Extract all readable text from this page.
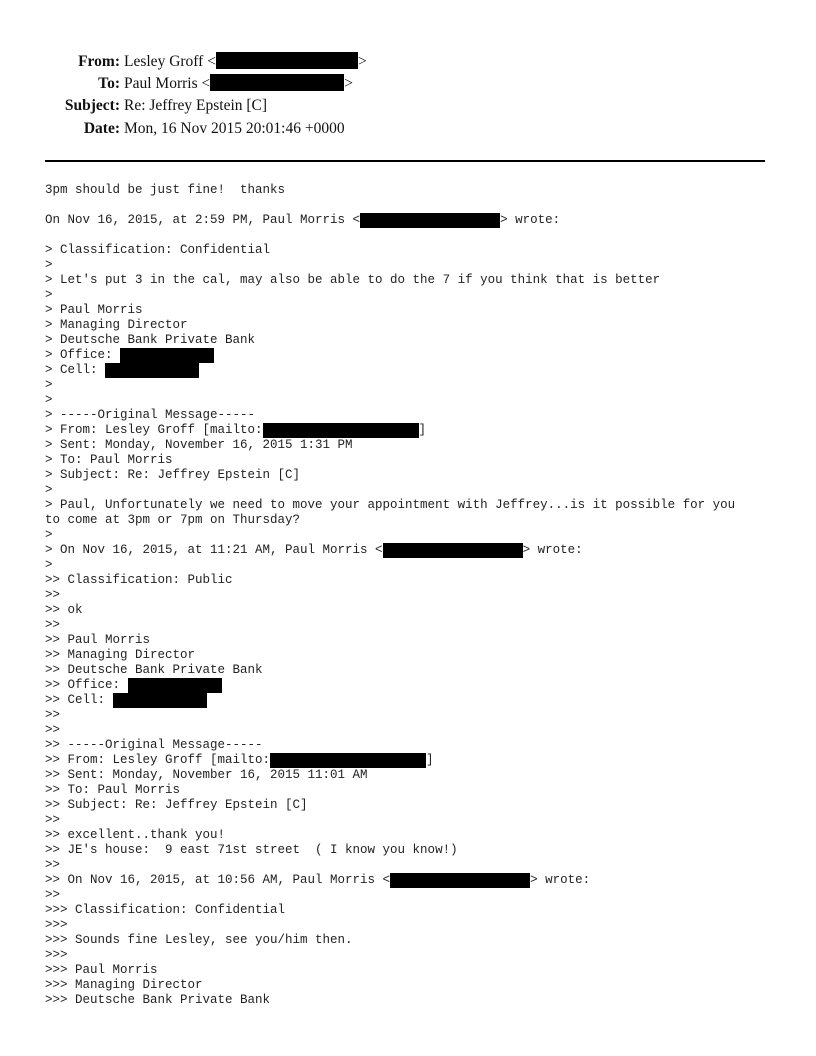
From: Lesley Groff <	>
To: Paul Morris <	>
Subject: Re: Jeffrey Epstein [C]
Date: Mon, 16 Nov 2015 20:01:46 +0000
3pm should be just fine!  thanks
On Nov 16, 2015, at 2:59 PM, Paul Morris <	> wrote:
> Classification: Confidential
>
> Let's put 3 in the cal, may also be able to do the 7 if you think that is better
>
> Paul Morris
> Managing Director
> Deutsche Bank Private Bank
> Office:
> Cell:
>
>
> -----Original Message-----
> From: Lesley Groff [mailto:	]
> Sent: Monday, November 16, 2015 1:31 PM
> To: Paul Morris
> Subject: Re: Jeffrey Epstein [C]
>
> Paul, Unfortunately we need to move your appointment with Jeffrey...is it possible for you
to come at 3pm or 7pm on Thursday?
>
> On Nov 16, 2015, at 11:21 AM, Paul Morris <	> wrote:
>
>> Classification: Public
>>
>> ok
>>
>> Paul Morris
>> Managing Director
>> Deutsche Bank Private Bank
>> Office:
>> Cell:
>>
>>
>> -----Original Message-----
>> From: Lesley Groff [mailto:	]
>> Sent: Monday, November 16, 2015 11:01 AM
>> To: Paul Morris
>> Subject: Re: Jeffrey Epstein [C]
>>
>> excellent..thank you!
>> JE's house:  9 east 71st street  ( I know you know!)
>>
>> On Nov 16, 2015, at 10:56 AM, Paul Morris <	> wrote:
>>
>>> Classification: Confidential
>>>
>>> Sounds fine Lesley, see you/him then.
>>>
>>> Paul Morris
>>> Managing Director
>>> Deutsche Bank Private Bank
